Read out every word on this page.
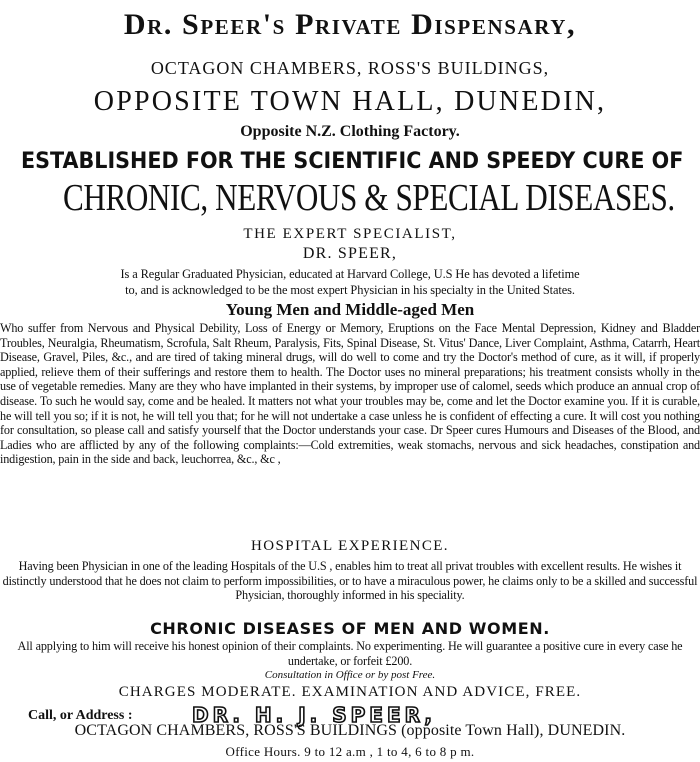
Dr. Speer's Private Dispensary,
OCTAGON CHAMBERS, ROSS'S BUILDINGS,
OPPOSITE TOWN HALL, DUNEDIN,
Opposite N.Z. Clothing Factory.
ESTABLISHED FOR THE SCIENTIFIC AND SPEEDY CURE OF
CHRONIC, NERVOUS & SPECIAL DISEASES.
THE EXPERT SPECIALIST,
DR. SPEER,
Is a Regular Graduated Physician, educated at Harvard College, U.S He has devoted a lifetime
to, and is acknowledged to be the most expert Physician in his specialty in the United States.
Young Men and Middle-aged Men
Who suffer from Nervous and Physical Debility, Loss of Energy or Memory, Eruptions on the Face Mental Depression, Kidney and Bladder Troubles, Neuralgia, Rheumatism, Scrofula, Salt Rheum, Paralysis, Fits, Spinal Disease, St. Vitus' Dance, Liver Complaint, Asthma, Catarrh, Heart Disease, Gravel, Piles, &c., and are tired of taking mineral drugs, will do well to come and try the Doctor's method of cure, as it will, if properly applied, relieve them of their sufferings and restore them to health. The Doctor uses no mineral preparations; his treatment consists wholly in the use of vegetable remedies. Many are they who have implanted in their systems, by improper use of calomel, seeds which produce an annual crop of disease. To such he would say, come and be healed. It matters not what your troubles may be, come and let the Doctor examine you. If it is curable, he will tell you so; if it is not, he will tell you that; for he will not undertake a case unless he is confident of effecting a cure. It will cost you nothing for consultation, so please call and satisfy yourself that the Doctor understands your case. Dr Speer cures Humours and Diseases of the Blood, and Ladies who are afflicted by any of the following complaints:—Cold extremities, weak stomachs, nervous and sick headaches, constipation and indigestion, pain in the side and back, leuchorrea, &c., &c ,
HOSPITAL EXPERIENCE.
Having been Physician in one of the leading Hospitals of the U.S , enables him to treat all privat troubles with excellent results. He wishes it distinctly understood that he does not claim to perform impossibilities, or to have a miraculous power, he claims only to be a skilled and successful Physician, thoroughly informed in his speciality.
CHRONIC DISEASES OF MEN AND WOMEN.
All applying to him will receive his honest opinion of their complaints. No experimenting. He will guarantee a positive cure in every case he undertake, or forfeit £200.
Consultation in Office or by post Free.
CHARGES MODERATE. EXAMINATION AND ADVICE, FREE.
Call, or Address :	DR. H. J. SPEER,
OCTAGON CHAMBERS, ROSS'S BUILDINGS (opposite Town Hall), DUNEDIN.
Office Hours. 9 to 12 a.m , 1 to 4, 6 to 8 p m.
